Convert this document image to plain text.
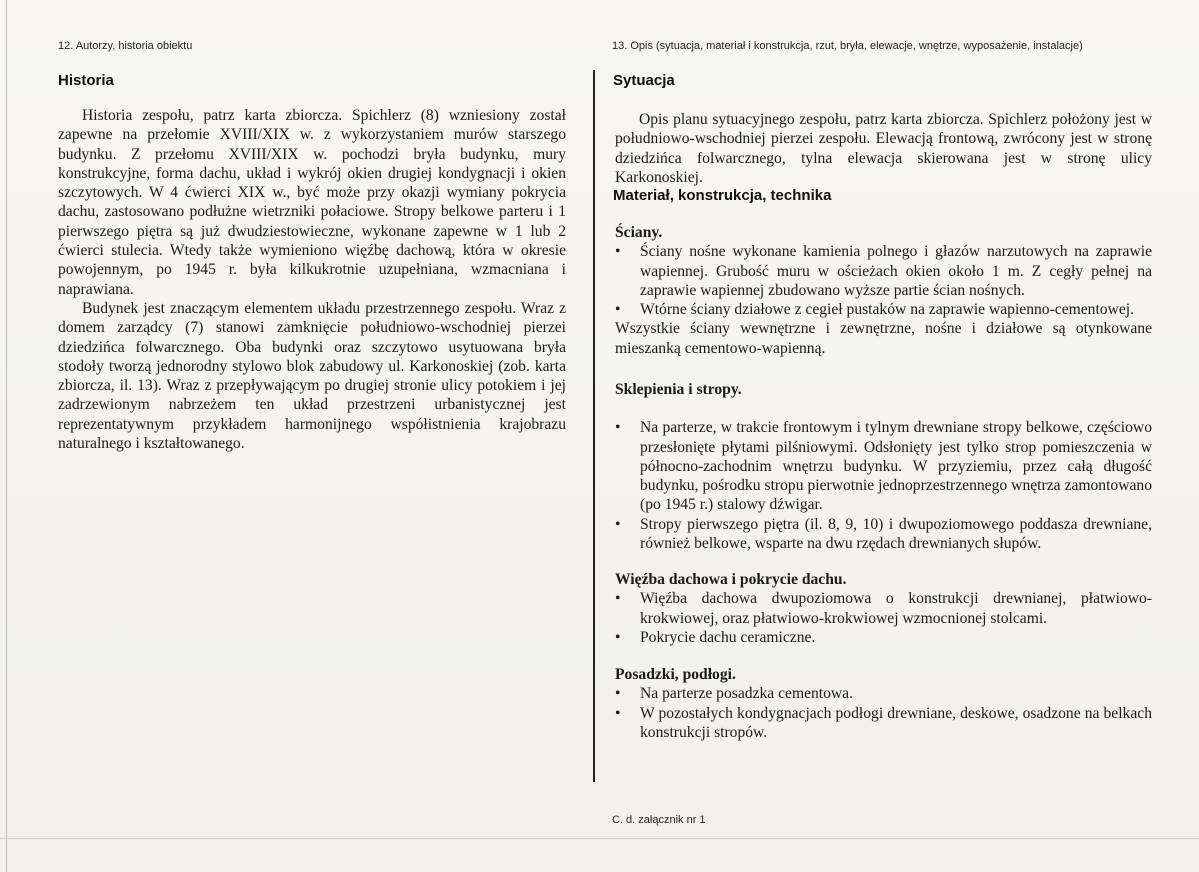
12. Autorzy, historia obiektu
Historia

Historia zespołu, patrz karta zbiorcza. Spichlerz (8) wzniesiony został zapewne na przełomie XVIII/XIX w. z wykorzystaniem murów starszego budynku. Z przełomu XVIII/XIX w. pochodzi bryła budynku, mury konstrukcyjne, forma dachu, układ i wykrój okien drugiej kondygnacji i okien szczytowych. W 4 ćwierci XIX w., być może przy okazji wymiany pokrycia dachu, zastosowano podłużne wietrzniki połaciowe. Stropy belkowe parteru i 1 pierwszego piętra są już dwudziestowieczne, wykonane zapewne w 1 lub 2 ćwierci stulecia. Wtedy także wymieniono więźbę dachową, która w okresie powojennym, po 1945 r. była kilkukrotnie uzupełniana, wzmacniana i naprawiana.

Budynek jest znaczącym elementem układu przestrzennego zespołu. Wraz z domem zarządcy (7) stanowi zamknięcie południowo-wschodniej pierzei dziedzińca folwarcznego. Oba budynki oraz szczytowo usytuowana bryła stodoły tworzą jednorodny stylowo blok zabudowy ul. Karkonoskiej (zob. karta zbiorcza, il. 13). Wraz z przepływającym po drugiej stronie ulicy potokiem i jej zadrzewionym nabrzeżem ten układ przestrzeni urbanistycznej jest reprezentatywnym przykładem harmonijnego współistnienia krajobrazu naturalnego i kształtowanego.

13. Opis (sytuacja, materiał i konstrukcja, rzut, bryła, elewacje, wnętrze, wyposażenie, instalacje)
Sytuacja

Opis planu sytuacyjnego zespołu, patrz karta zbiorcza. Spichlerz położony jest w południowo-wschodniej pierzei zespołu. Elewacją frontową, zwrócony jest w stronę dziedzińca folwarcznego, tylna elewacja skierowana jest w stronę ulicy Karkonoskiej.

Materiał, konstrukcja, technika
Ściany.
• Ściany nośne wykonane kamienia polnego i głazów narzutowych na zaprawie wapiennej. Grubość muru w ościeżach okien około 1 m. Z cegły pełnej na zaprawie wapiennej zbudowano wyższe partie ścian nośnych.
• Wtórne ściany działowe z cegieł pustaków na zaprawie wapienno-cementowej.
Wszystkie ściany wewnętrzne i zewnętrzne, nośne i działowe są otynkowane mieszanką cementowo-wapienną.
Sklepienia i stropy.
• Na parterze, w trakcie frontowym i tylnym drewniane stropy belkowe, częściowo przesłonięte płytami pilśniowymi. Odsłonięty jest tylko strop pomieszczenia w północno-zachodnim wnętrzu budynku. W przyziemiu, przez całą długość budynku, pośrodku stropu pierwotnie jednoprzestrzennego wnętrza zamontowano (po 1945 r.) stalowy dźwigar.
• Stropy pierwszego piętra (il. 8, 9, 10) i dwupoziomowego poddasza drewniane, również belkowe, wsparte na dwu rzędach drewnianych słupów.
Więźba dachowa i pokrycie dachu.
• Więźba dachowa dwupoziomowa o konstrukcji drewnianej, płatwiowo-krokwiowej, oraz płatwiowo-krokwiowej wzmocnionej stolcami.
• Pokrycie dachu ceramiczne.
Posadzki, podłogi.
• Na parterze posadzka cementowa.
• W pozostałych kondygnacjach podłogi drewniane, deskowe, osadzone na belkach konstrukcji stropów.
C. d. załącznik nr 1
